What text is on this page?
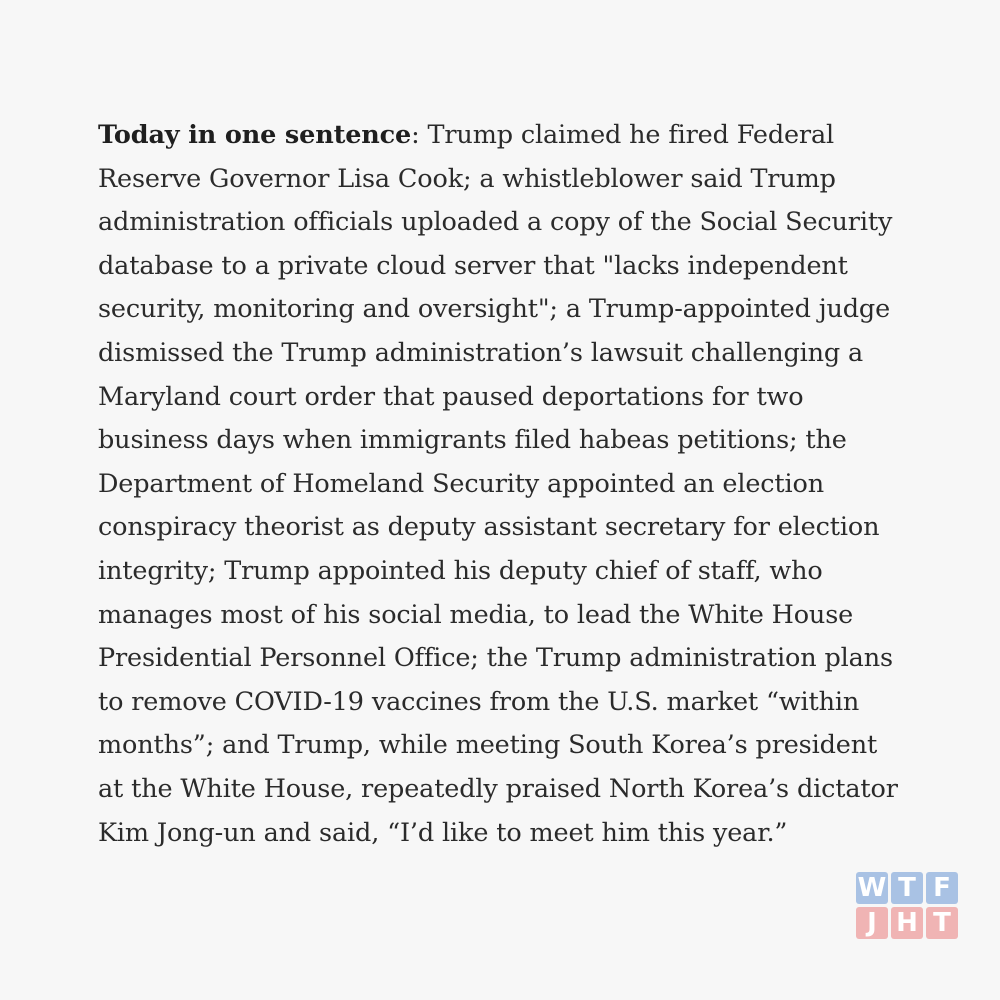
Today in one sentence: Trump claimed he fired Federal Reserve Governor Lisa Cook; a whistleblower said Trump administration officials uploaded a copy of the Social Security database to a private cloud server that "lacks independent security, monitoring and oversight"; a Trump-appointed judge dismissed the Trump administration’s lawsuit challenging a Maryland court order that paused deportations for two business days when immigrants filed habeas petitions; the Department of Homeland Security appointed an election conspiracy theorist as deputy assistant secretary for election integrity; Trump appointed his deputy chief of staff, who manages most of his social media, to lead the White House Presidential Personnel Office; the Trump administration plans to remove COVID-19 vaccines from the U.S. market “within months”; and Trump, while meeting South Korea’s president at the White House, repeatedly praised North Korea’s dictator Kim Jong-un and said, “I’d like to meet him this year.”

W T F
J H T
